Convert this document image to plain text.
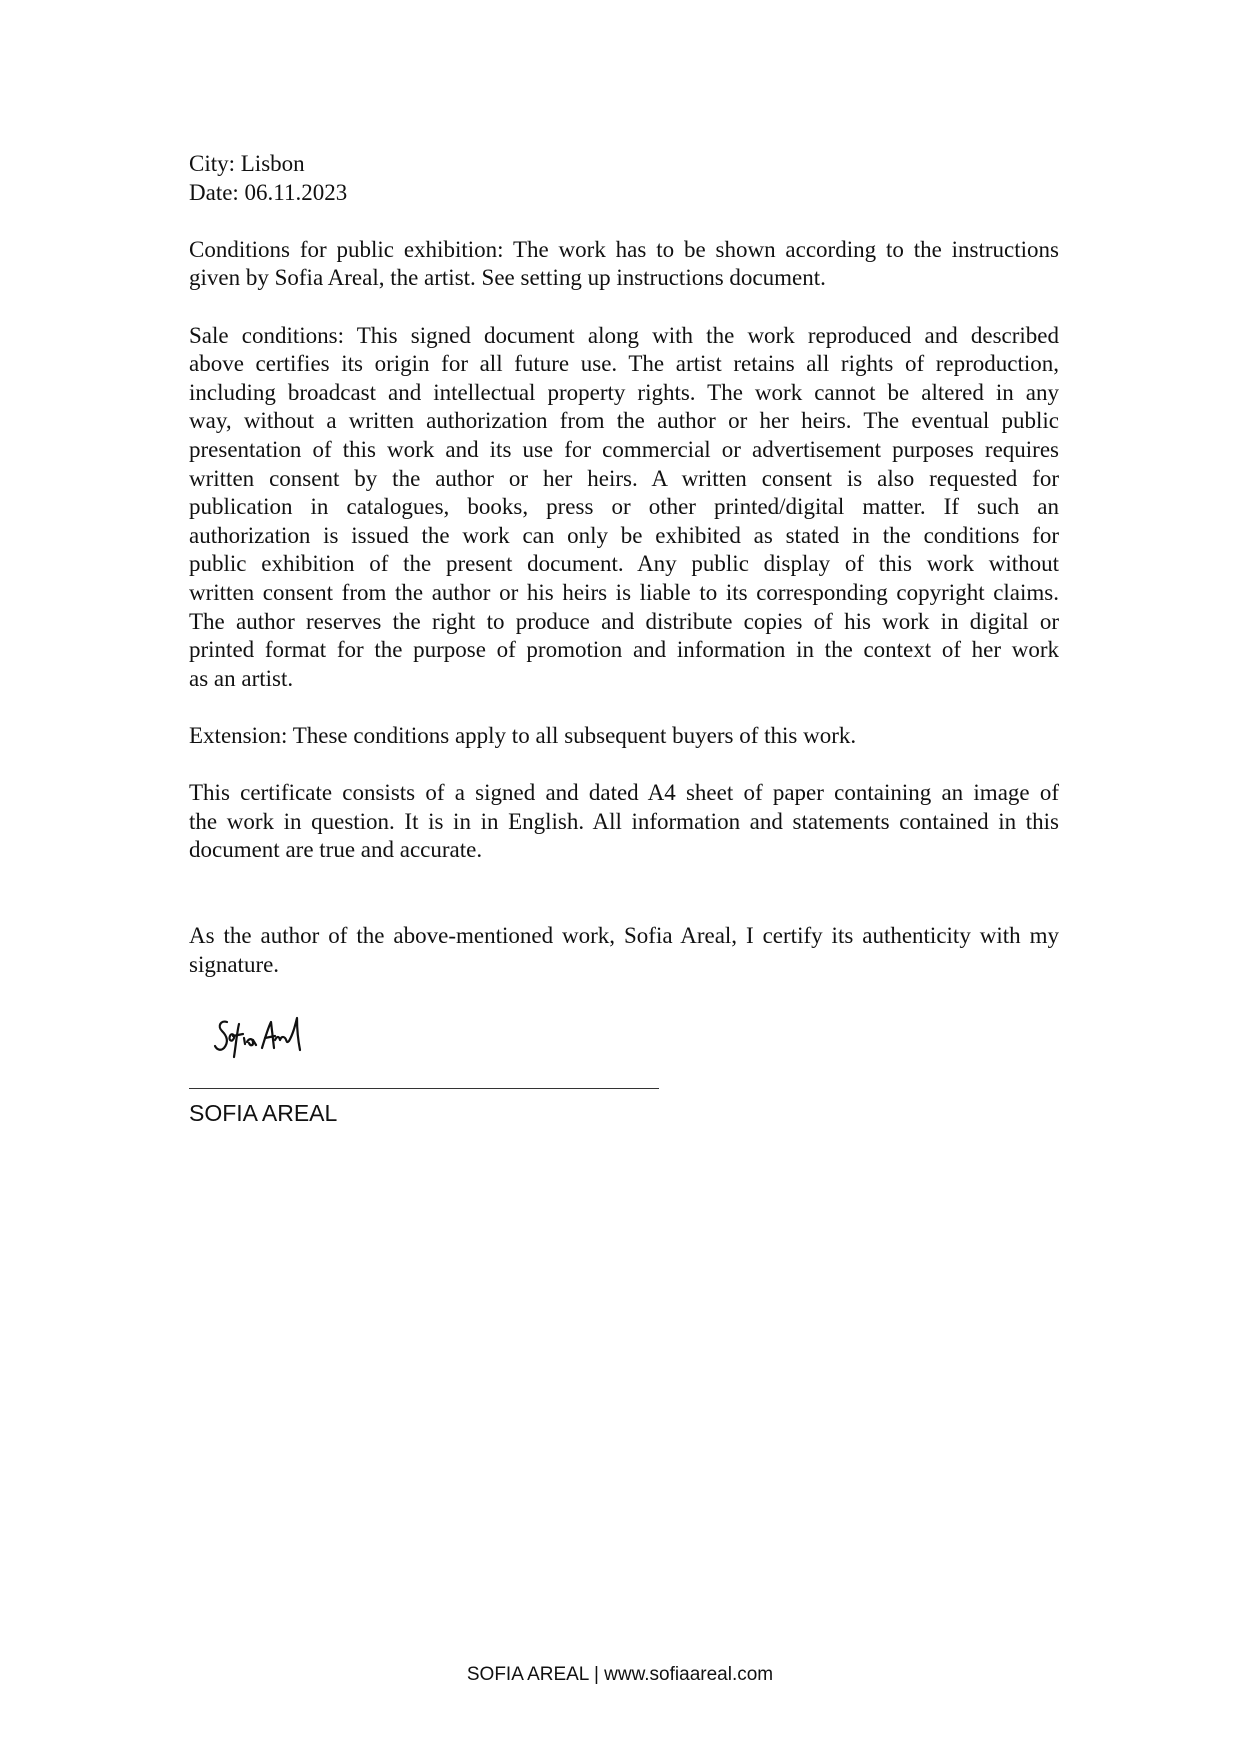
City: Lisbon
Date: 06.11.2023
Conditions for public exhibition: The work has to be shown according to the instructions
given by Sofia Areal, the artist. See setting up instructions document.
Sale conditions: This signed document along with the work reproduced and described
above certifies its origin for all future use. The artist retains all rights of reproduction,
including broadcast and intellectual property rights. The work cannot be altered in any
way, without a written authorization from the author or her heirs. The eventual public
presentation of this work and its use for commercial or advertisement purposes requires
written consent by the author or her heirs. A written consent is also requested for
publication in catalogues, books, press or other printed/digital matter. If such an
authorization is issued the work can only be exhibited as stated in the conditions for
public exhibition of the present document. Any public display of this work without
written consent from the author or his heirs is liable to its corresponding copyright claims.
The author reserves the right to produce and distribute copies of his work in digital or
printed format for the purpose of promotion and information in the context of her work
as an artist.
Extension: These conditions apply to all subsequent buyers of this work.
This certificate consists of a signed and dated A4 sheet of paper containing an image of
the work in question. It is in in English. All information and statements contained in this
document are true and accurate.
As the author of the above-mentioned work, Sofia Areal, I certify its authenticity with my
signature.
SOFIA AREAL
SOFIA AREAL | www.sofiaareal.com
